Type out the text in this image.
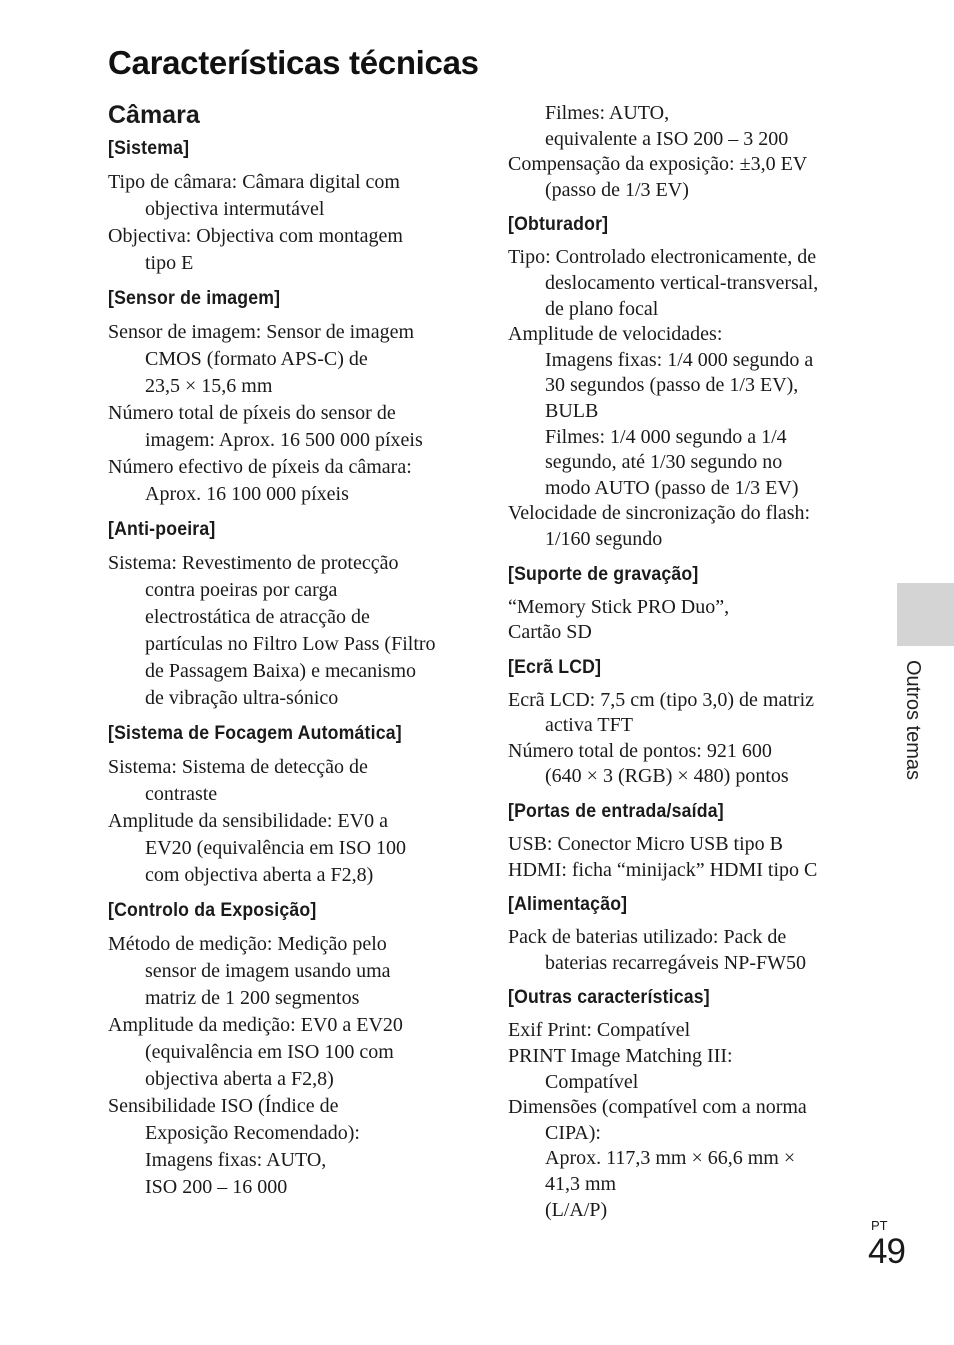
Características técnicas
Câmara
[Sistema]
Tipo de câmara: Câmara digital com
objectiva intermutável
Objectiva: Objectiva com montagem
tipo E
[Sensor de imagem]
Sensor de imagem: Sensor de imagem
CMOS (formato APS-C) de
23,5 × 15,6 mm
Número total de píxeis do sensor de
imagem: Aprox. 16 500 000 píxeis
Número efectivo de píxeis da câmara:
Aprox. 16 100 000 píxeis
[Anti-poeira]
Sistema: Revestimento de protecção
contra poeiras por carga
electrostática de atracção de
partículas no Filtro Low Pass (Filtro
de Passagem Baixa) e mecanismo
de vibração ultra-sónico
[Sistema de Focagem Automática]
Sistema: Sistema de detecção de
contraste
Amplitude da sensibilidade: EV0 a
EV20 (equivalência em ISO 100
com objectiva aberta a F2,8)
[Controlo da Exposição]
Método de medição: Medição pelo
sensor de imagem usando uma
matriz de 1 200 segmentos
Amplitude da medição: EV0 a EV20
(equivalência em ISO 100 com
objectiva aberta a F2,8)
Sensibilidade ISO (Índice de
Exposição Recomendado):
Imagens fixas: AUTO,
ISO 200 – 16 000
Filmes: AUTO,
equivalente a ISO 200 – 3 200
Compensação da exposição: ±3,0 EV
(passo de 1/3 EV)
[Obturador]
Tipo: Controlado electronicamente, de
deslocamento vertical-transversal,
de plano focal
Amplitude de velocidades:
Imagens fixas: 1/4 000 segundo a
30 segundos (passo de 1/3 EV),
BULB
Filmes: 1/4 000 segundo a 1/4
segundo, até 1/30 segundo no
modo AUTO (passo de 1/3 EV)
Velocidade de sincronização do flash:
1/160 segundo
[Suporte de gravação]
“Memory Stick PRO Duo”,
Cartão SD
[Ecrã LCD]
Ecrã LCD: 7,5 cm (tipo 3,0) de matriz
activa TFT
Número total de pontos: 921 600
(640 × 3 (RGB) × 480) pontos
[Portas de entrada/saída]
USB: Conector Micro USB tipo B
HDMI: ficha “minijack” HDMI tipo C
[Alimentação]
Pack de baterias utilizado: Pack de
baterias recarregáveis NP-FW50
[Outras características]
Exif Print: Compatível
PRINT Image Matching III:
Compatível
Dimensões (compatível com a norma
CIPA):
Aprox. 117,3 mm × 66,6 mm ×
41,3 mm
(L/A/P)
Outros temas
PT
49
